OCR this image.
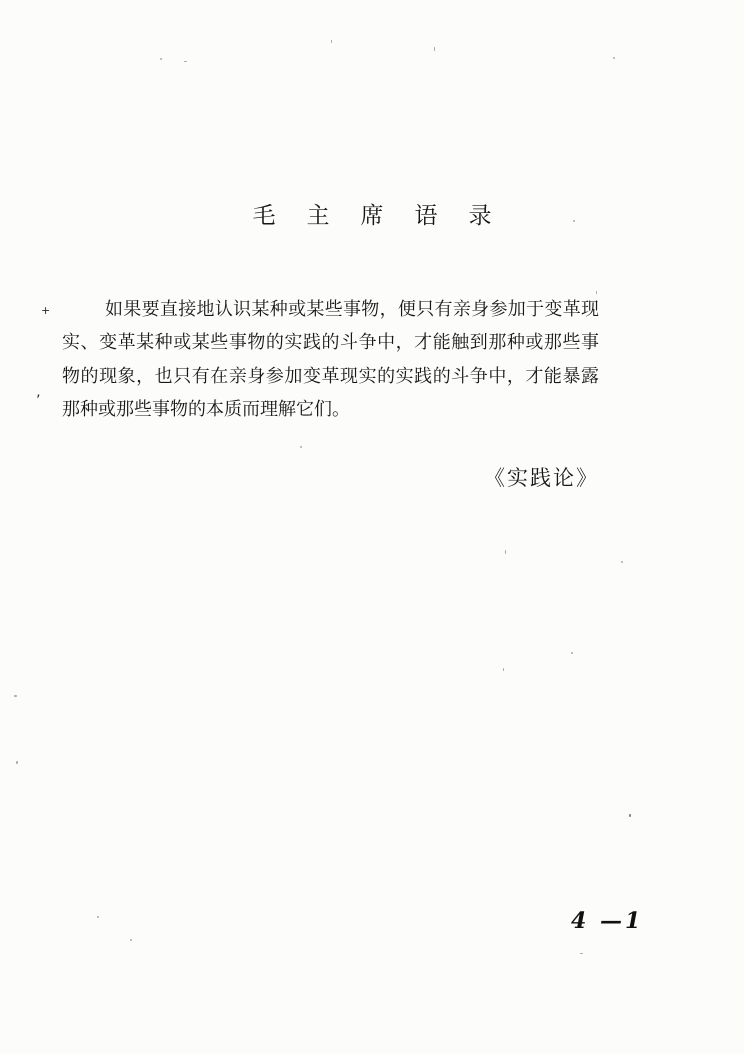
毛主席语录
+	如果要直接地认识某种或某些事物，便只有亲身参加于变革现
实、变革某种或某些事物的实践的斗争中，才能触到那种或那些事
物的现象，也只有在亲身参加变革现实的实践的斗争中，才能暴露
那种或那些事物的本质而理解它们。
’
《实践论》
4 —1
